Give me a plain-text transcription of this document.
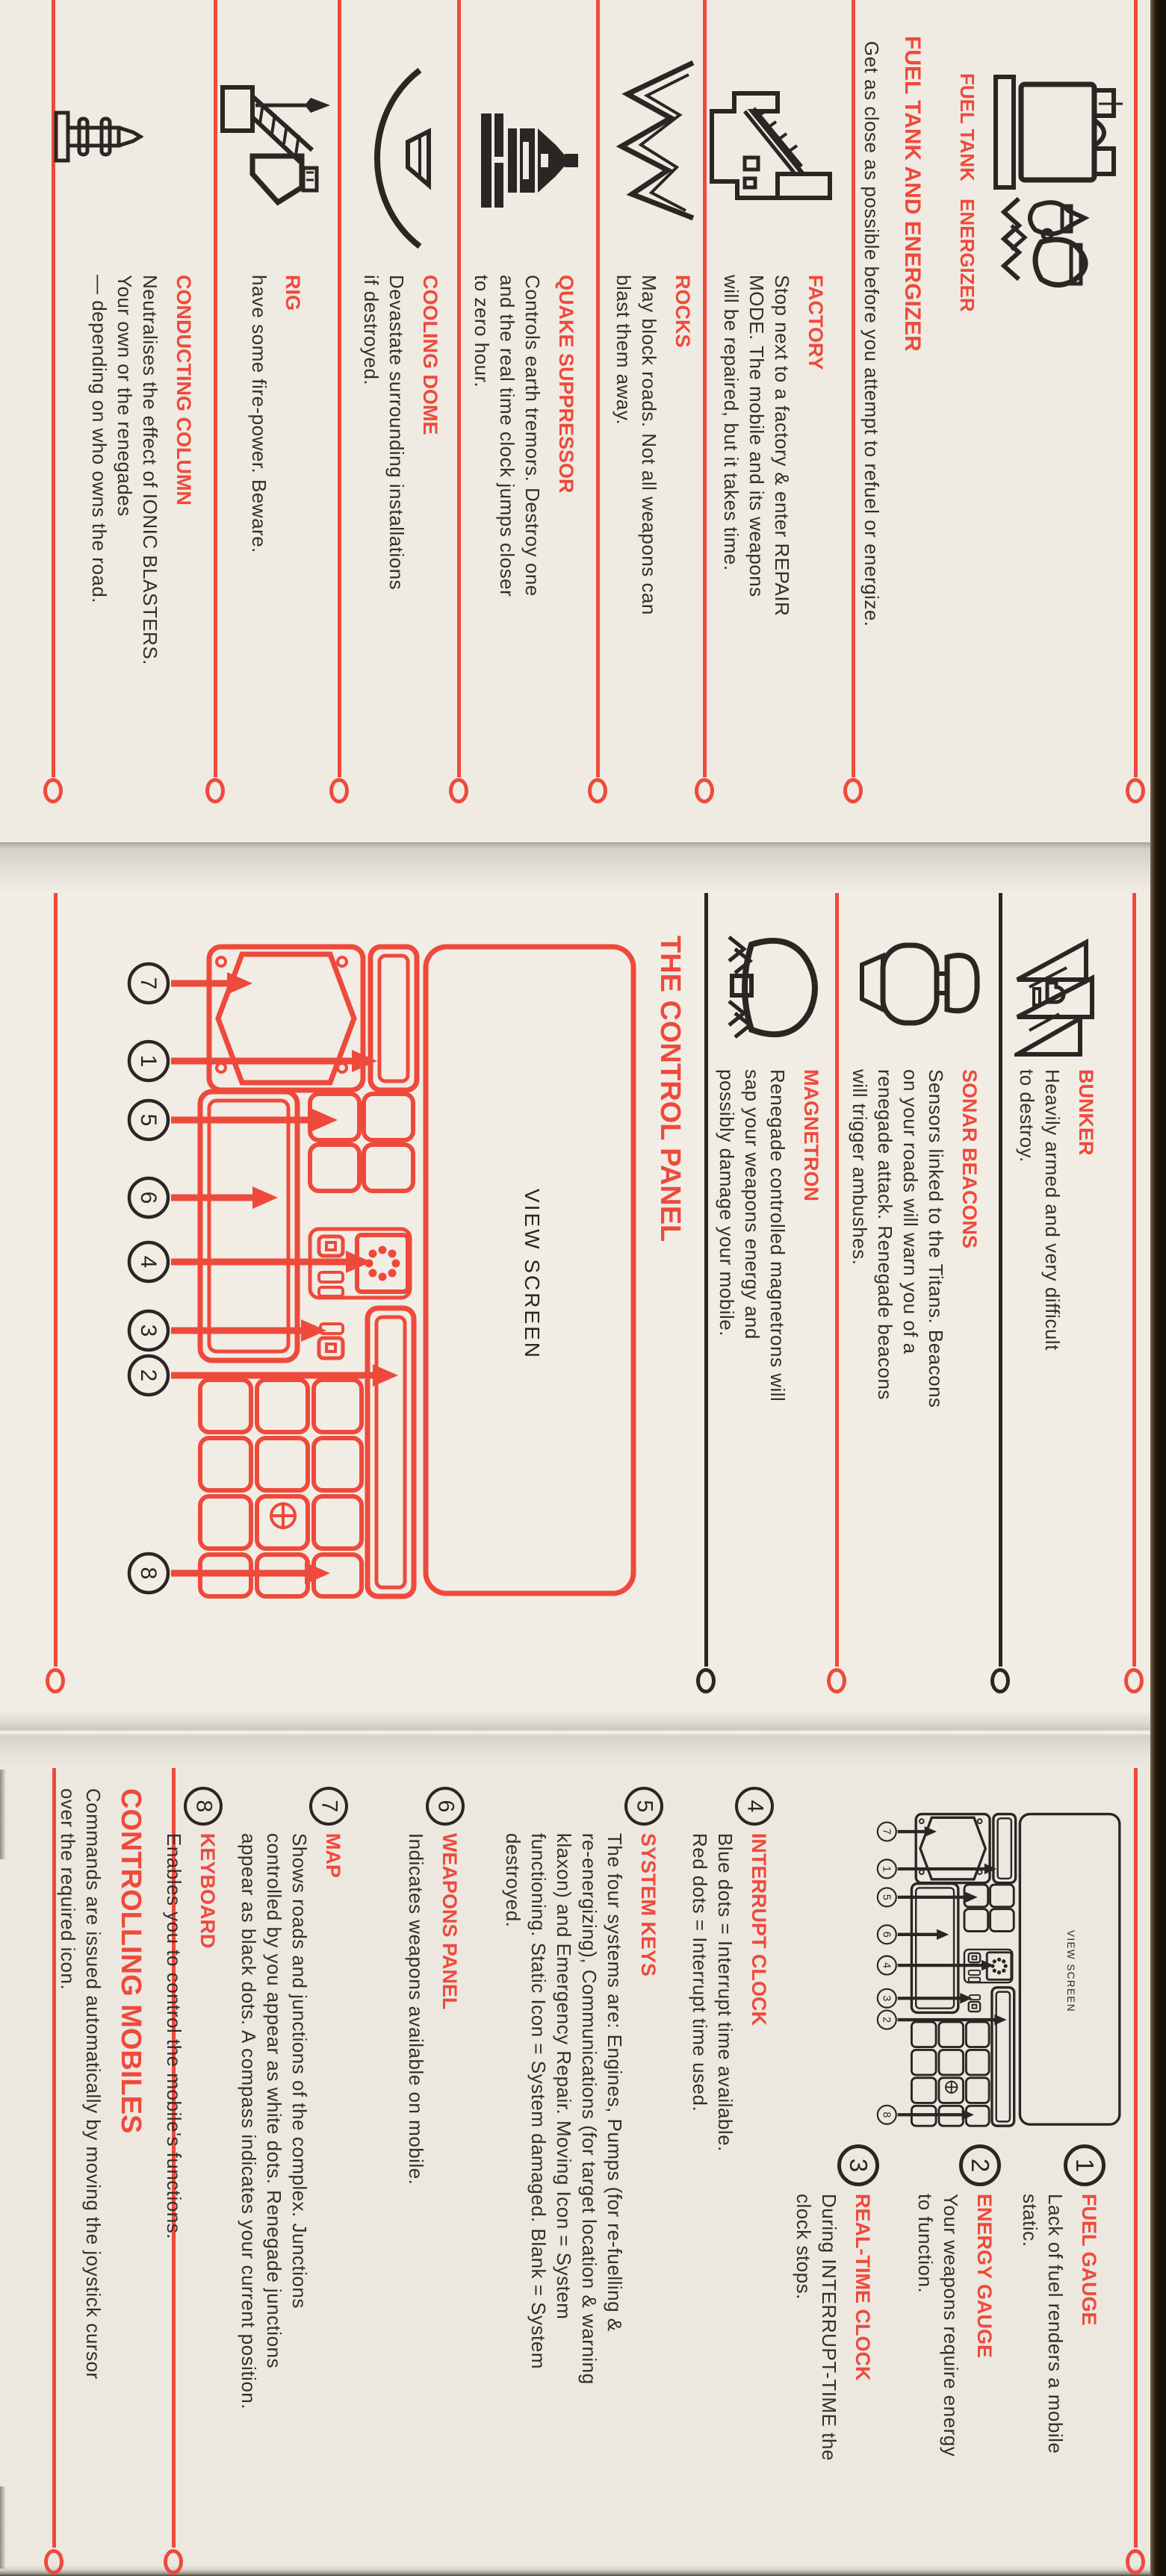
FUEL TANK
ENERGIZER
FUEL TANK AND ENERGIZER
Get as close as possible before you attempt to refuel or energize.
FACTORY
Stop next to a factory & enter REPAIR
MODE. The mobile and its weapons
will be repaired, but it takes time.
ROCKS
May block roads. Not all weapons can
blast them away.
QUAKE SUPPRESSOR
Controls earth tremors. Destroy one
and the real time clock jumps closer
to zero hour.
COOLING DOME
Devastate surrounding installations
if destroyed.
RIG
have some fire-power. Beware.
CONDUCTING COLUMN
Neutralises the effect of IONIC BLASTERS.
Your own or the renegades
— depending on who owns the road.
BUNKER
Heavily armed and very difficult
to destroy.
SONAR BEACONS
Sensors linked to the Titans. Beacons
on your roads will warn you of a
renegade attack. Renegade beacons
will trigger ambushes.
MAGNETRON
Renegade controlled magnetrons will
sap your weapons energy and
possibly damage your mobile.
THE CONTROL PANEL
4
INTERRUPT CLOCK
Blue dots = Interrupt time available.
Red dots = Interrupt time used.
5
SYSTEM KEYS
The four systems are: Engines, Pumps (for re-fuelling &
re-energizing), Communications (for target location & warning
klaxon) and Emergency Repair. Moving Icon = System
functioning. Static Icon = System damaged. Blank = System
destroyed.
6
WEAPONS PANEL
Indicates weapons available on mobile.
7
MAP
Shows roads and junctions of the complex. Junctions
controlled by you appear as white dots. Renegade junctions
appear as black dots. A compass indicates your current position.
8
KEYBOARD
Enables you to control the mobile's functions.	1
FUEL GAUGE
Lack of fuel renders a mobile
static.
2
ENERGY GAUGE
Your weapons require energy
to function.
3
REAL-TIME CLOCK
During INTERRUPT-TIME the
clock stops.
CONTROLLING MOBILES
Commands are issued automatically by moving the joystick cursor
over the required icon.
